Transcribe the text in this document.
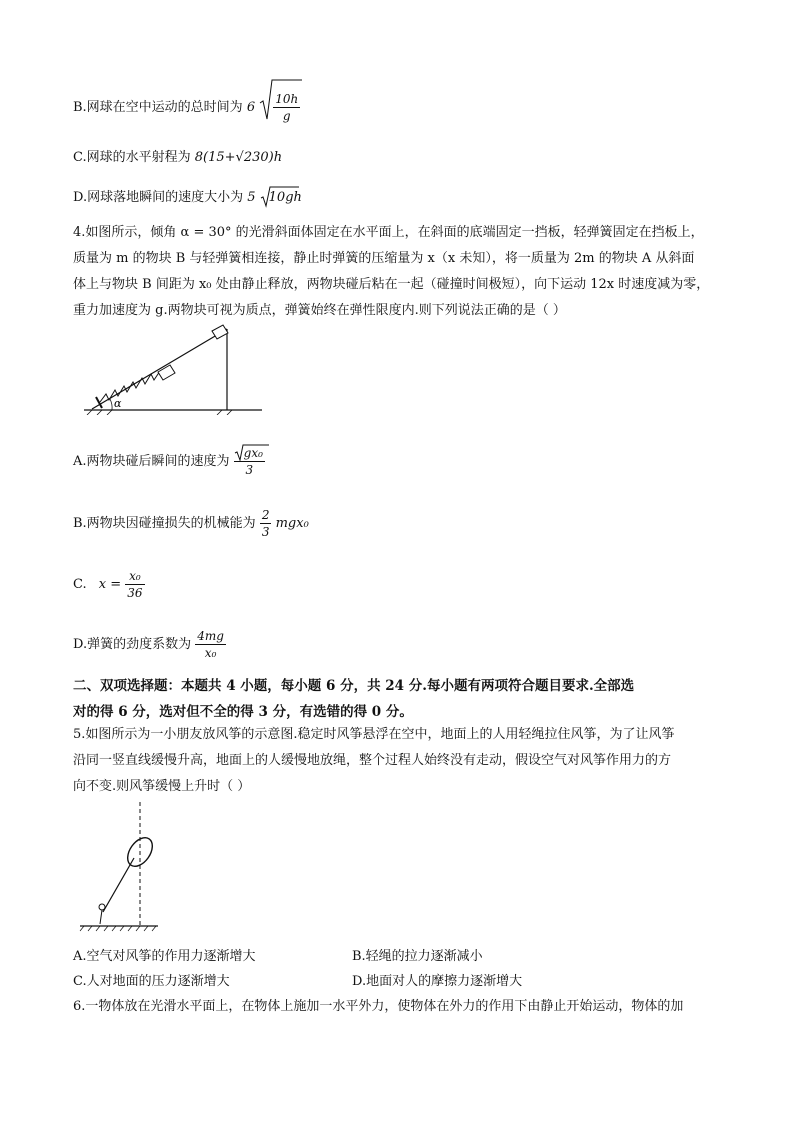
B.网球在空中运动的总时间为 $6 \frac{10h}{g}$
C.网球的水平射程为 8(15+√230)h
D.网球落地瞬间的速度大小为 5 10gh
4.如图所示，倾角 α = 30° 的光滑斜面体固定在水平面上，在斜面的底端固定一挡板，轻弹簧固定在挡板上，
质量为 m 的物块 B 与轻弹簧相连接，静止时弹簧的压缩量为 x（x 未知），将一质量为 2m 的物块 A 从斜面
体上与物块 B 间距为 x₀ 处由静止释放，两物块碰后粘在一起（碰撞时间极短），向下运动 12x 时速度减为零，
重力加速度为 g.两物块可视为质点，弹簧始终在弹性限度内.则下列说法正确的是（ ）
α
A.两物块碰后瞬间的速度为 $\frac{\text{gx₀}}{3}$
B.两物块因碰撞损失的机械能为 $\frac{2}{3} mgx_0$
C. $x = \frac{\text{x₀}}{36}$
D.弹簧的劲度系数为 $\frac{4mg}{\text{x₀}}$
二、双项选择题：本题共 4 小题，每小题 6 分，共 24 分.每小题有两项符合题目要求.全部选
对的得 6 分，选对但不全的得 3 分，有选错的得 0 分。
5.如图所示为一小朋友放风筝的示意图.稳定时风筝悬浮在空中，地面上的人用轻绳拉住风筝，为了让风筝
沿同一竖直线缓慢升高，地面上的人缓慢地放绳，整个过程人始终没有走动，假设空气对风筝作用力的方
向不变.则风筝缓慢上升时（ ）
A.空气对风筝的作用力逐渐增大	B.轻绳的拉力逐渐减小
C.人对地面的压力逐渐增大	D.地面对人的摩擦力逐渐增大
6.一物体放在光滑水平面上，在物体上施加一水平外力，使物体在外力的作用下由静止开始运动，物体的加
